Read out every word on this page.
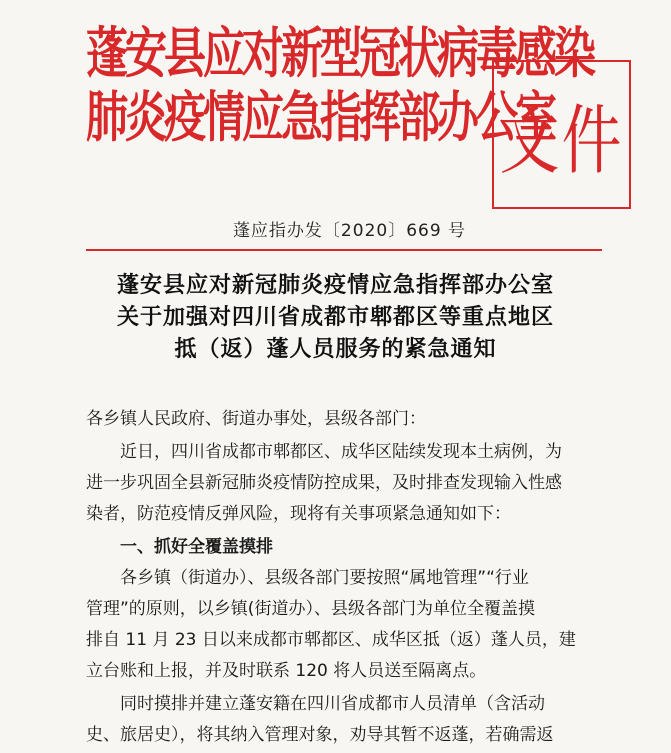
蓬安县应对新型冠状病毒感染
肺炎疫情应急指挥部办公室
文件
蓬应指办发〔2020〕669 号
蓬安县应对新冠肺炎疫情应急指挥部办公室
关于加强对四川省成都市郫都区等重点地区
抵（返）蓬人员服务的紧急通知

各乡镇人民政府、街道办事处，县级各部门：

近日，四川省成都市郫都区、成华区陆续发现本土病例，为
进一步巩固全县新冠肺炎疫情防控成果，及时排查发现输入性感
染者，防范疫情反弹风险，现将有关事项紧急通知如下：

一、抓好全覆盖摸排

各乡镇（街道办）、县级各部门要按照“属地管理”“行业
管理”的原则，以乡镇(街道办）、县级各部门为单位全覆盖摸
排自 11 月 23 日以来成都市郫都区、成华区抵（返）蓬人员，建
立台账和上报，并及时联系 120 将人员送至隔离点。

同时摸排并建立蓬安籍在四川省成都市人员清单（含活动
史、旅居史），将其纳入管理对象，劝导其暂不返蓬，若确需返
